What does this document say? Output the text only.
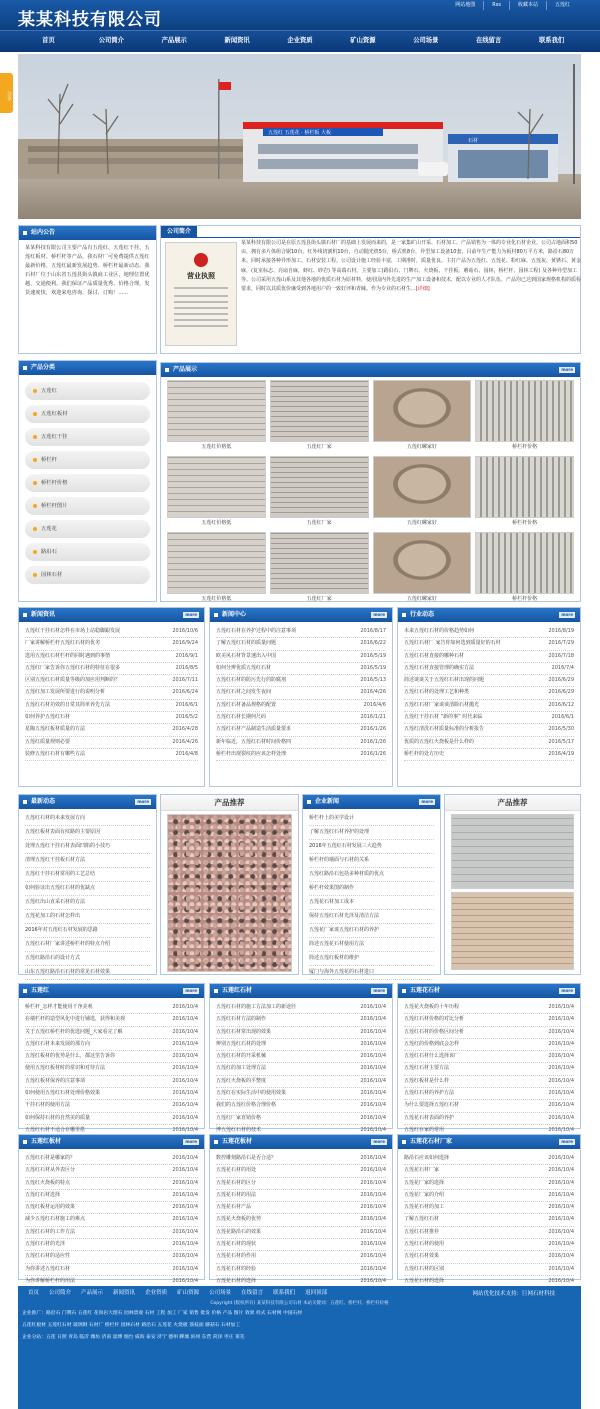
某某科技有限公司
网站地图	Rss	收藏本站	五莲红
首页	公司简介	产品展示	新闻资讯	企业资质	矿山资源	公司场景	在线留言	联系我们
分享
五莲红 五莲花 · 桥栏板 大板
石材
站内公告
某某科技有限公司主要产品有五莲红、五莲红干挂、五莲红板材、桥栏杆等产品，我石材厂可免费提供五莲红最新价格、五莲红最新发展趋势、桥栏杆最新动态。我石材厂位于山东省五莲县街头镇商工业区，地理位置优越，交通便利，我们保证产品质量优秀、价格合理，发货速度快，欢迎来电咨询、探讨、订购！......
公司简介
营业执照
某某科技有限公司是在原五莲县街头镇石材厂的基础上发展而来的，是一家集矿山开采、石材加工、产品销售为一体的专业化石材企业。公司占地面积50亩，拥有多片体组合锯10台，红外线切割机10台，自动抛光机5台，桥式机8台，异型加工设备10套，目前年生产能力为板材80万平方米，路沿石80万米。同时承接各种异形加工、石材安装工程。公司设计施工经验丰富，工期准时，质量优良。主打产品为五莲红、五莲花、粉红麻、五莲灰、黄锈石、黄金麻，(复室标志、亮扇自麻，虾红、砂岩) 等高端石材。主要加工(路沿石、门牌石、火烧板、干挂板、蘑菇石、园林，桥栏杆、园林工程) 及各种异型加工等。公司采用五莲山系及其他各地的优质石材为原材料，使用国内外先进的生产加工设备和技术，配以专业的人才队伍，产品均已达到国家规格机构的质检要求，同时以其质优价廉受到各地用户的一致好评和青睐。作为专业的石材生...[详细]
产品分类
五莲红
五莲红板材
五莲红干挂
桥栏杆
桥栏杆价格
桥栏杆图片
五莲花
路沿石
园林石材
产品展示	more
五莲红价格低	五莲红厂家	五莲红螺家好	桥栏杆价格
五莲红价格低	五莲红厂家	五莲红螺家好	桥栏杆价格
五莲红价格低	五莲红厂家	五莲红螺家好	桥栏杆价格
新闻资讯	more
五莲红干挂石材怎样在市场上站稳脚跟发展	2016/10/6
厂家讲解桥栏杆五莲红石材的优劣	2016/9/24
选用五莲红石材栏杆的同时遇到的事情	2016/9/1
五莲红厂家告诉你五莲红石材的特征在很多	2016/8/5
区别五莲红石材质量等级的加应用判断的？	2016/7/11
五莲红加工发展所要进行的说明分析	2016/6/24
五莲红石材功效的日常其简单养先方法	2016/6/1
如何养护五莲红石材	2016/5/2
星陶五莲红板材质量的方法	2016/4/28
五莲红质量规则必要	2016/4/26
装修五莲红石材有哪些方法	2016/4/8
新闻中心	more
五莲红石材在养护过程中的注意事项	2016/8/17
了解五莲红石材的质量问题	2016/6/22
欧美风石材背景速出入中国	2016/5/19
如何分辨优质五莲红石材	2016/5/19
五莲红石材的防污先行的防腐剂	2016/5/13
五莲红石材之间发生夜间	2016/4/26
五莲红石材备品规格的配置	2016/4/6
五莲红石材长期何尺码	2016/1/21
五莲红石材产品制造生活质量要求	2016/1/26
新年临近，五莲红石材时间价格四	2016/1/26
桥栏杆出现裂纹的应该怎样处理	2016/1/26
行业动态	more
未来五莲红石材的价格趋势如何	2016/8/19
五莲红石材厂 家告你如何选到质量好的石材	2016/7/29
五莲红石材直接的哪种石材	2016/7/18
五莲红石材直接管理的确实方法	2016/7/4
简述谈谈关于五莲红石材出现的问题	2016/6/29
五莲红石材的处理工艺和种类	2016/6/29
五莲红石材厂家谈谈清除石材抛光	2016/6/12
五莲红干挂石材 “新的事” 时代来临	2016/6/1
五莲红清洗石材质量标准的分析报告	2016/5/30
优质的五莲红火烧板是什么样的	2016/5/17
桥栏杆的处方历史	2016/4/19
最新动态	more
五莲红石材的未来发展方向
五莲红板材表面有纹路的主要原因
处理五莲红干挂石材表面凹陷的小技巧
清理五莲红干挂板石材方法
五莲红干挂石材常用的工艺总结
如何验证出五莲红石材的优缺点
五莲红出山直采石材的方法
五莲花加工的石材怎样出
2016年对五莲红石材发展的思路
五莲红石材厂家讲述桥栏杆的特点介绍
五莲红路沿石的设计方式
山东五莲红路沿石石材的常见石材效果
产品推荐	企业新闻	more
桥栏杆上的美学设计
了解五莲红石材养护的处理
2016年五莲红石材发展三大趋势
桥栏杆的墙面与石材的关系
五莲红路沿石包括多种材质的优点
桥栏杆效果图的制作
五莲花石材加工成本
保持五莲红石材光泽及清洁方法
五莲花厂家谈五莲红石材的养护
简述五莲花石材使用方法
简述五莲红板材的维护
厦门与海外五莲花的石材进口
产品推荐
五莲红	more
桥栏杆_怎样才能使用千净美观	2016/10/4
在墙栏杆的造型风化中进行铺选，获得和美观	2016/10/4
关于五莲红桥栏杆的优选问题_大家看完了解	2016/10/4
五莲红石材未来发展的那方向	2016/10/4
五莲红板材的优势是什么，都这里告诉你	2016/10/4
使用五莲红板材时的常识和对待方法	2016/10/4
五莲红板材保养的注意事项	2016/10/4
如何使用五莲红石材处理价格效果	2016/10/4
干挂石材的使用方法	2016/10/4
如何保持石材的自然美的质量	2016/10/4
五莲红石材不适合在哪里搭	2016/10/4
五莲红石材	more
五莲红石材的施工方法加工的新途径	2016/10/4
五莲红石材方法的制作	2016/10/4
五莲红石材常出现的效果	2016/10/4
辨别五莲红石材的处理	2016/10/4
五莲红石材的开采机械	2016/10/4
五莲红的加工处理方法	2016/10/4
五莲红火烧板的平整度	2016/10/4
五莲红在实际生活中的使用效果	2016/10/4
我们的五莲红价格合理价格	2016/10/4
五莲红厂家直销价格	2016/10/4
博五莲红石材的技术	2016/10/4
五莲花石材	more
五莲花火烧板的十年历程	2016/10/4
五莲红石材价格的对比分析	2016/10/4
五莲红石材的价格区间分析	2016/10/4
五莲红的价格到底会怎样	2016/10/4
五莲红石材什么选择该厂	2016/10/4
五莲红石材主要方法	2016/10/4
五莲红板材是什么样	2016/10/4
五莲红石材的养护方法	2016/10/4
为什么要选择五莲红石材	2016/10/4
五莲花石材表面的养护	2016/10/4
五莲红在家的常用	2016/10/4
五莲红板材	more
五莲红石材是哪家的？	2016/10/4
五莲红石材从外表区分	2016/10/4
五莲红火烧板的特点	2016/10/4
五莲红石材选择	2016/10/4
五莲红板材运用的效果	2016/10/4
减少五莲红石材施工的难点	2016/10/4
五莲红石材的工作方法	2016/10/4
五莲红石材的光泽	2016/10/4
五莲红石材的适应性	2016/10/4
为你讲述五莲红石材	2016/10/4
为你讲解桥栏杆的用法	2016/10/4
五莲花板材	more
数控雕刻路沿石是否合适？	2016/10/4
五莲花石材的用处	2016/10/4
五莲花石材的区分	2016/10/4
五莲花石材的用法	2016/10/4
五莲花石材产品	2016/10/4
五莲花火烧板的优势	2016/10/4
五莲花路沿石的效果	2016/10/4
五莲花石材的现状	2016/10/4
五莲花石材的作用	2016/10/4
五莲花石材的经验	2016/10/4
五莲花石材的选择	2016/10/4
五莲花石材厂家	more
路沿石应该如何选择	2016/10/4
五莲花石材厂家	2016/10/4
五莲花厂家的选择	2016/10/4
五莲花厂家的介绍	2016/10/4
五莲花石材的加工	2016/10/4
了解五莲红石材	2016/10/4
五莲红石材推荐	2016/10/4
五莲红石材的使用	2016/10/4
五莲红石材效果	2016/10/4
五莲红石材的区别	2016/10/4
五莲花石材的选择	2016/10/4
首页 公司简介 产品展示 新闻资讯 企业资质 矿山资源 公司场景 在线留言 联系我们 返回顶部	网站优化技术支持：巨网石材科技
Copyright (版权所有) 某某科技有限公司石材 本站关键词：五莲红、桥栏杆、桥栏杆价格
企业推广：路沿石 门牌石 五莲红 花岗岩大理石 园林景观 石材 工程 加工 厂家 销售 批发 价格 产品 图片 效果 样式 石材网 中国石材
五莲红板材 五莲红石材 玻璃钢 石材厂 桥栏杆 园林石材 路沿石 五莲花 火烧板 荔枝面 蘑菇石 石材加工
企业分站：五莲 日照 青岛 临沂 潍坊 济南 淄博 烟台 威海 泰安 济宁 德州 聊城 滨州 东营 菏泽 枣庄 莱芜
